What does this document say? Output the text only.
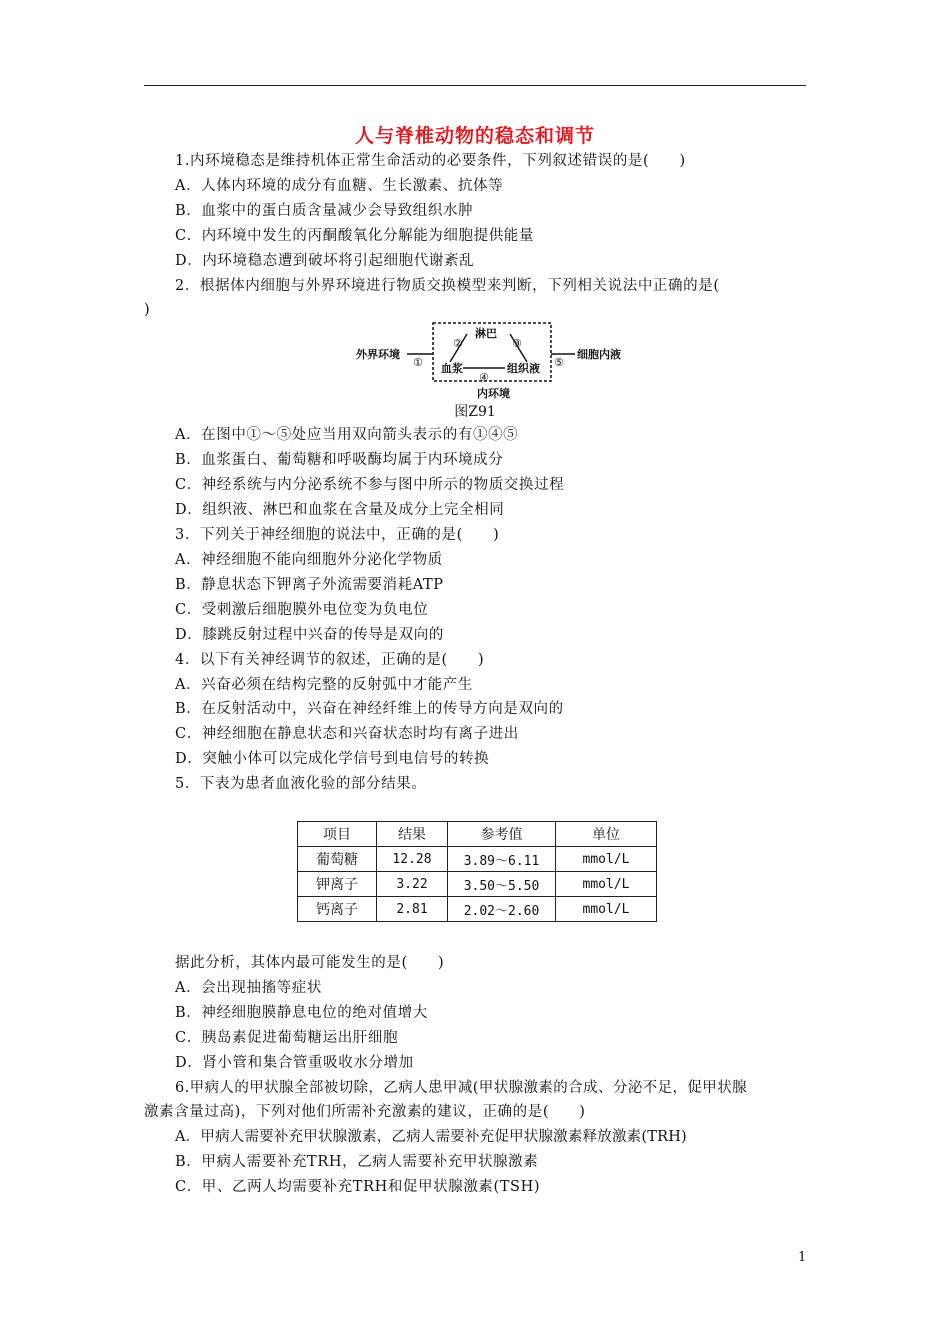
人与脊椎动物的稳态和调节
1.内环境稳态是维持机体正常生命活动的必要条件，下列叙述错误的是(　　)
A．人体内环境的成分有血糖、生长激素、抗体等
B．血浆中的蛋白质含量减少会导致组织水肿
C．内环境中发生的丙酮酸氧化分解能为细胞提供能量
D．内环境稳态遭到破坏将引起细胞代谢紊乱
2．根据体内细胞与外界环境进行物质交换模型来判断，下列相关说法中正确的是(
)
外界环境	细胞内液
淋巴
血浆	组织液
内环境
①
②	③
④
⑤
图Z91
A．在图中①～⑤处应当用双向箭头表示的有①④⑤
B．血浆蛋白、葡萄糖和呼吸酶均属于内环境成分
C．神经系统与内分泌系统不参与图中所示的物质交换过程
D．组织液、淋巴和血浆在含量及成分上完全相同
3．下列关于神经细胞的说法中，正确的是(　　)
A．神经细胞不能向细胞外分泌化学物质
B．静息状态下钾离子外流需要消耗ATP
C．受刺激后细胞膜外电位变为负电位
D．膝跳反射过程中兴奋的传导是双向的
4．以下有关神经调节的叙述，正确的是(　　)
A．兴奋必须在结构完整的反射弧中才能产生
B．在反射活动中，兴奋在神经纤维上的传导方向是双向的
C．神经细胞在静息状态和兴奋状态时均有离子进出
D．突触小体可以完成化学信号到电信号的转换
5．下表为患者血液化验的部分结果。
项目	结果	参考值	单位
葡萄糖	12.28	3.89～6.11	mmol/L
钾离子	3.22	3.50～5.50	mmol/L
钙离子	2.81	2.02～2.60	mmol/L
据此分析，其体内最可能发生的是(　　)
A．会出现抽搐等症状
B．神经细胞膜静息电位的绝对值增大
C．胰岛素促进葡萄糖运出肝细胞
D．肾小管和集合管重吸收水分增加
6.甲病人的甲状腺全部被切除，乙病人患甲减(甲状腺激素的合成、分泌不足，促甲状腺
激素含量过高)，下列对他们所需补充激素的建议，正确的是(　　)
A．甲病人需要补充甲状腺激素，乙病人需要补充促甲状腺激素释放激素(TRH)
B．甲病人需要补充TRH，乙病人需要补充甲状腺激素
C．甲、乙两人均需要补充TRH和促甲状腺激素(TSH)
1
